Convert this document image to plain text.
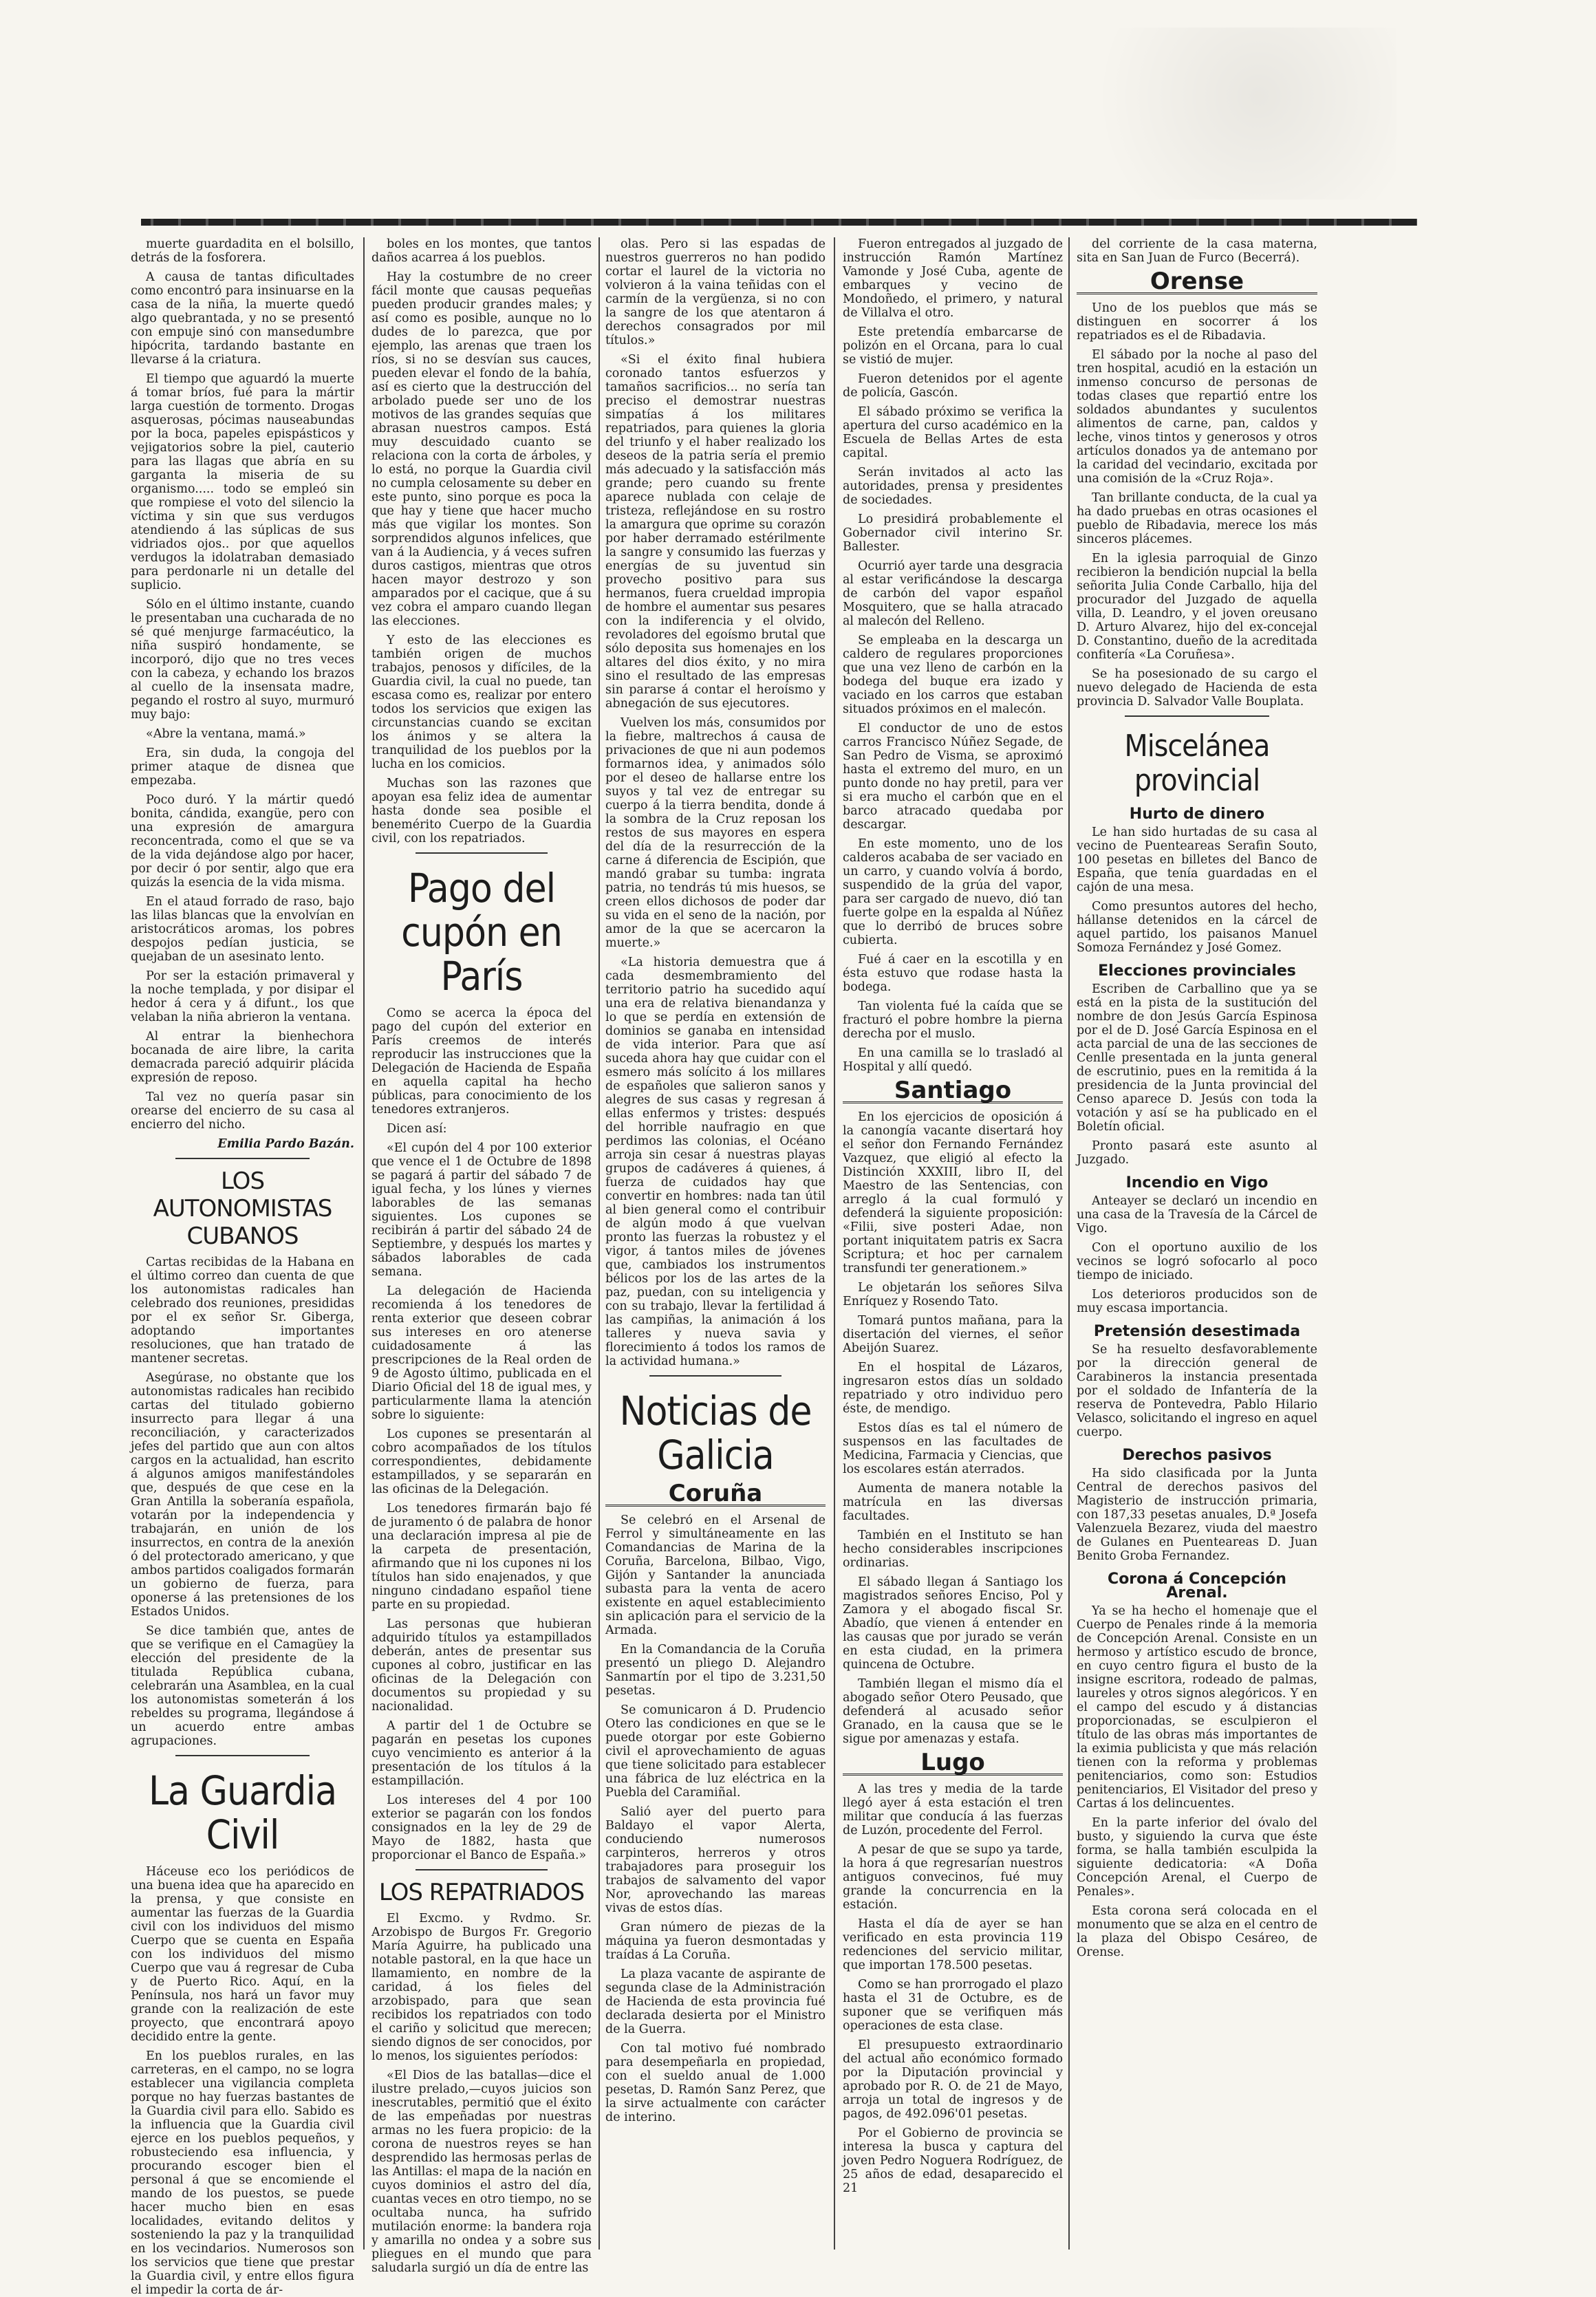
muerte guardadita en el bolsillo, detrás de la fosforera.

A causa de tantas dificultades como encontró para insinuarse en la casa de la niña, la muerte quedó algo quebrantada, y no se presentó con empuje sinó con mansedumbre hipócrita, tardando bastante en llevarse á la criatura.

El tiempo que aguardó la muerte á tomar bríos, fué para la mártir larga cuestión de tormento. Drogas asquerosas, pócimas nauseabundas por la boca, papeles epispásticos y vejigatorios sobre la piel, cauterio para las llagas que abría en su garganta la miseria de su organismo..... todo se empleó sin que rompiese el voto del silencio la víctima y sin que sus verdugos atendiendo á las súplicas de sus vidriados ojos.. por que aquellos verdugos la idolatraban demasiado para perdonarle ni un detalle del suplicio.

Sólo en el último instante, cuando le presentaban una cucharada de no sé qué menjurge farmacéutico, la niña suspiró hondamente, se incorporó, dijo que no tres veces con la cabeza, y echando los brazos al cuello de la insensata madre, pegando el rostro al suyo, murmuró muy bajo:

«Abre la ventana, mamá.»

Era, sin duda, la congoja del primer ataque de disnea que empezaba.

Poco duró. Y la mártir quedó bonita, cándida, exangüe, pero con una expresión de amargura reconcentrada, como el que se va de la vida dejándose algo por hacer, por decir ó por sentir, algo que era quizás la esencia de la vida misma.

En el ataud forrado de raso, bajo las lilas blancas que la envolvían en aristocráticos aromas, los pobres despojos pedían justicia, se quejaban de un asesinato lento.

Por ser la estación primaveral y la noche templada, y por disipar el hedor á cera y á difunt., los que velaban la niña abrieron la ventana.

Al entrar la bienhechora bocanada de aire libre, la carita demacrada pareció adquirir plácida expresión de reposo.

Tal vez no quería pasar sin orearse del encierro de su casa al encierro del nicho.

Emilia Pardo Bazán.
LOS AUTONOMISTAS CUBANOS

Cartas recibidas de la Habana en el último correo dan cuenta de que los autonomistas radicales han celebrado dos reuniones, presididas por el ex señor Sr. Giberga, adoptando importantes resoluciones, que han tratado de mantener secretas.

Asegúrase, no obstante que los autonomistas radicales han recibido cartas del titulado gobierno insurrecto para llegar á una reconciliación, y caracterizados jefes del partido que aun con altos cargos en la actualidad, han escrito á algunos amigos manifestándoles que, después de que cese en la Gran Antilla la soberanía española, votarán por la independencia y trabajarán, en unión de los insurrectos, en contra de la anexión ó del protectorado americano, y que ambos partidos coaligados formarán un gobierno de fuerza, para oponerse á las pretensiones de los Estados Unidos.

Se dice también que, antes de que se verifique en el Camagüey la elección del presidente de la titulada República cubana, celebrarán una Asamblea, en la cual los autonomistas someterán á los rebeldes su programa, llegándose á un acuerdo entre ambas agrupaciones.

La Guardia Civil

Háceuse eco los periódicos de una buena idea que ha aparecido en la prensa, y que consiste en aumentar las fuerzas de la Guardia civil con los individuos del mismo Cuerpo que se cuenta en España con los individuos del mismo Cuerpo que vau á regresar de Cuba y de Puerto Rico. Aquí, en la Península, nos hará un favor muy grande con la realización de este proyecto, que encontrará apoyo decidido entre la gente.

En los pueblos rurales, en las carreteras, en el campo, no se logra establecer una vigilancia completa porque no hay fuerzas bastantes de la Guardia civil para ello. Sabido es la influencia que la Guardia civil ejerce en los pueblos pequeños, y robusteciendo esa influencia, y procurando escoger bien el personal á que se encomiende el mando de los puestos, se puede hacer mucho bien en esas localidades, evitando delitos y sosteniendo la paz y la tranquilidad en los vecindarios. Numerosos son los servicios que tiene que prestar la Guardia civil, y entre ellos figura el impedir la corta de ár-

boles en los montes, que tantos daños acarrea á los pueblos.

Hay la costumbre de no creer fácil monte que causas pequeñas pueden producir grandes males; y así como es posible, aunque no lo dudes de lo parezca, que por ejemplo, las arenas que traen los ríos, si no se desvían sus cauces, pueden elevar el fondo de la bahía, así es cierto que la destrucción del arbolado puede ser uno de los motivos de las grandes sequías que abrasan nuestros campos. Está muy descuidado cuanto se relaciona con la corta de árboles, y lo está, no porque la Guardia civil no cumpla celosamente su deber en este punto, sino porque es poca la que hay y tiene que hacer mucho más que vigilar los montes. Son sorprendidos algunos infelices, que van á la Audiencia, y á veces sufren duros castigos, mientras que otros hacen mayor destrozo y son amparados por el cacique, que á su vez cobra el amparo cuando llegan las elecciones.

Y esto de las elecciones es también origen de muchos trabajos, penosos y difíciles, de la Guardia civil, la cual no puede, tan escasa como es, realizar por entero todos los servicios que exigen las circunstancias cuando se excitan los ánimos y se altera la tranquilidad de los pueblos por la lucha en los comicios.

Muchas son las razones que apoyan esa feliz idea de aumentar hasta donde sea posible el benemérito Cuerpo de la Guardia civil, con los repatriados.

Pago del cupón en París

Como se acerca la época del pago del cupón del exterior en París creemos de interés reproducir las instrucciones que la Delegación de Hacienda de España en aquella capital ha hecho públicas, para conocimiento de los tenedores extranjeros.

Dicen así:

«El cupón del 4 por 100 exterior que vence el 1 de Octubre de 1898 se pagará á partir del sábado 7 de igual fecha, y los lúnes y viernes laborables de las semanas siguientes. Los cupones se recibirán á partir del sábado 24 de Septiembre, y después los martes y sábados laborables de cada semana.

La delegación de Hacienda recomienda á los tenedores de renta exterior que deseen cobrar sus intereses en oro atenerse cuidadosamente á las prescripciones de la Real orden de 9 de Agosto último, publicada en el Diario Oficial del 18 de igual mes, y particularmente llama la atención sobre lo siguiente:

Los cupones se presentarán al cobro acompañados de los títulos correspondientes, debidamente estampillados, y se separarán en las oficinas de la Delegación.

Los tenedores firmarán bajo fé de juramento ó de palabra de honor una declaración impresa al pie de la carpeta de presentación, afirmando que ni los cupones ni los títulos han sido enajenados, y que ninguno cindadano español tiene parte en su propiedad.

Las personas que hubieran adquirido títulos ya estampillados deberán, antes de presentar sus cupones al cobro, justificar en las oficinas de la Delegación con documentos su propiedad y su nacionalidad.

A partir del 1 de Octubre se pagarán en pesetas los cupones cuyo vencimiento es anterior á la presentación de los títulos á la estampillación.

Los intereses del 4 por 100 exterior se pagarán con los fondos consignados en la ley de 29 de Mayo de 1882, hasta que proporcionar el Banco de España.»

LOS REPATRIADOS

El Excmo. y Rvdmo. Sr. Arzobispo de Burgos Fr. Gregorio María Aguirre, ha publicado una notable pastoral, en la que hace un llamamiento, en nombre de la caridad, á los fieles del arzobispado, para que sean recibidos los repatriados con todo el cariño y solicitud que merecen; siendo dignos de ser conocidos, por lo menos, los siguientes períodos:

«El Dios de las batallas—dice el ilustre prelado,—cuyos juicios son inescrutables, permitió que el éxito de las empeñadas por nuestras armas no les fuera propicio: de la corona de nuestros reyes se han desprendido las hermosas perlas de las Antillas: el mapa de la nación en cuyos dominios el astro del día, cuantas veces en otro tiempo, no se ocultaba nunca, ha sufrido mutilación enorme: la bandera roja y amarilla no ondea y a sobre sus pliegues en el mundo que para saludarla surgió un día de entre las

olas. Pero si las espadas de nuestros guerreros no han podido cortar el laurel de la victoria no volvieron á la vaina teñidas con el carmín de la vergüenza, si no con la sangre de los que atentaron á derechos consagrados por mil títulos.»

«Si el éxito final hubiera coronado tantos esfuerzos y tamaños sacrificios... no sería tan preciso el demostrar nuestras simpatías á los militares repatriados, para quienes la gloria del triunfo y el haber realizado los deseos de la patria sería el premio más adecuado y la satisfacción más grande; pero cuando su frente aparece nublada con celaje de tristeza, reflejándose en su rostro la amargura que oprime su corazón por haber derramado estérilmente la sangre y consumido las fuerzas y energías de su juventud sin provecho positivo para sus hermanos, fuera crueldad impropia de hombre el aumentar sus pesares con la indiferencia y el olvido, revoladores del egoísmo brutal que sólo deposita sus homenajes en los altares del dios éxito, y no mira sino el resultado de las empresas sin pararse á contar el heroísmo y abnegación de sus ejecutores.

Vuelven los más, consumidos por la fiebre, maltrechos á causa de privaciones de que ni aun podemos formarnos idea, y animados sólo por el deseo de hallarse entre los suyos y tal vez de entregar su cuerpo á la tierra bendita, donde á la sombra de la Cruz reposan los restos de sus mayores en espera del día de la resurrección de la carne á diferencia de Escipión, que mandó grabar su tumba: ingrata patria, no tendrás tú mis huesos, se creen ellos dichosos de poder dar su vida en el seno de la nación, por amor de la que se acercaron la muerte.»

«La historia demuestra que á cada desmembramiento del territorio patrio ha sucedido aquí una era de relativa bienandanza y lo que se perdía en extensión de dominios se ganaba en intensidad de vida interior. Para que así suceda ahora hay que cuidar con el esmero más solícito á los millares de españoles que salieron sanos y alegres de sus casas y regresan á ellas enfermos y tristes: después del horrible naufragio en que perdimos las colonias, el Océano arroja sin cesar á nuestras playas grupos de cadáveres á quienes, á fuerza de cuidados hay que convertir en hombres: nada tan útil al bien general como el contribuir de algún modo á que vuelvan pronto las fuerzas la robustez y el vigor, á tantos miles de jóvenes que, cambiados los instrumentos bélicos por los de las artes de la paz, puedan, con su inteligencia y con su trabajo, llevar la fertilidad á las campiñas, la animación á los talleres y nueva savia y florecimiento á todos los ramos de la actividad humana.»

Noticias de Galicia
Coruña

Se celebró en el Arsenal de Ferrol y simultáneamente en las Comandancias de Marina de la Coruña, Barcelona, Bilbao, Vigo, Gijón y Santander la anunciada subasta para la venta de acero existente en aquel establecimiento sin aplicación para el servicio de la Armada.

En la Comandancia de la Coruña presentó un pliego D. Alejandro Sanmartín por el tipo de 3.231,50 pesetas.

Se comunicaron á D. Prudencio Otero las condiciones en que se le puede otorgar por este Gobierno civil el aprovechamiento de aguas que tiene solicitado para establecer una fábrica de luz eléctrica en la Puebla del Caramiñal.

Salió ayer del puerto para Baldayo el vapor Alerta, conduciendo numerosos carpinteros, herreros y otros trabajadores para proseguir los trabajos de salvamento del vapor Nor, aprovechando las mareas vivas de estos días.

Gran número de piezas de la máquina ya fueron desmontadas y traídas á La Coruña.

La plaza vacante de aspirante de segunda clase de la Administración de Hacienda de esta provincia fué declarada desierta por el Ministro de la Guerra.

Con tal motivo fué nombrado para desempeñarla en propiedad, con el sueldo anual de 1.000 pesetas, D. Ramón Sanz Perez, que la sirve actualmente con carácter de interino.

Fueron entregados al juzgado de instrucción Ramón Martínez Vamonde y José Cuba, agente de embarques y vecino de Mondoñedo, el primero, y natural de Villalva el otro.

Este pretendía embarcarse de polizón en el Orcana, para lo cual se vistió de mujer.

Fueron detenidos por el agente de policía, Gascón.

El sábado próximo se verifica la apertura del curso académico en la Escuela de Bellas Artes de esta capital.

Serán invitados al acto las autoridades, prensa y presidentes de sociedades.

Lo presidirá probablemente el Gobernador civil interino Sr. Ballester.

Ocurrió ayer tarde una desgracia al estar verificándose la descarga de carbón del vapor español Mosquitero, que se halla atracado al malecón del Relleno.

Se empleaba en la descarga un caldero de regulares proporciones que una vez lleno de carbón en la bodega del buque era izado y vaciado en los carros que estaban situados próximos en el malecón.

El conductor de uno de estos carros Francisco Núñez Segade, de San Pedro de Visma, se aproximó hasta el extremo del muro, en un punto donde no hay pretil, para ver si era mucho el carbón que en el barco atracado quedaba por descargar.

En este momento, uno de los calderos acababa de ser vaciado en un carro, y cuando volvía á bordo, suspendido de la grúa del vapor, para ser cargado de nuevo, dió tan fuerte golpe en la espalda al Núñez que lo derribó de bruces sobre cubierta.

Fué á caer en la escotilla y en ésta estuvo que rodase hasta la bodega.

Tan violenta fué la caída que se fracturó el pobre hombre la pierna derecha por el muslo.

En una camilla se lo trasladó al Hospital y allí quedó.

Santiago

En los ejercicios de oposición á la canongía vacante disertará hoy el señor don Fernando Fernández Vazquez, que eligió al efecto la Distinción XXXIII, libro II, del Maestro de las Sentencias, con arreglo á la cual formuló y defenderá la siguiente proposición: «Filii, sive posteri Adae, non portant iniquitatem patris ex Sacra Scriptura; et hoc per carnalem transfundi ter generationem.»

Le objetarán los señores Silva Enríquez y Rosendo Tato.

Tomará puntos mañana, para la disertación del viernes, el señor Abeijón Suarez.

En el hospital de Lázaros, ingresaron estos días un soldado repatriado y otro individuo pero éste, de mendigo.

Estos días es tal el número de suspensos en las facultades de Medicina, Farmacia y Ciencias, que los escolares están aterrados.

Aumenta de manera notable la matrícula en las diversas facultades.

También en el Instituto se han hecho considerables inscripciones ordinarias.

El sábado llegan á Santiago los magistrados señores Enciso, Pol y Zamora y el abogado fiscal Sr. Abadío, que vienen á entender en las causas que por jurado se verán en esta ciudad, en la primera quincena de Octubre.

También llegan el mismo día el abogado señor Otero Peusado, que defenderá al acusado señor Granado, en la causa que se le sigue por amenazas y estafa.

Lugo

A las tres y media de la tarde llegó ayer á esta estación el tren militar que conducía á las fuerzas de Luzón, procedente del Ferrol.

A pesar de que se supo ya tarde, la hora á que regresarían nuestros antiguos convecinos, fué muy grande la concurrencia en la estación.

Hasta el día de ayer se han verificado en esta provincia 119 redenciones del servicio militar, que importan 178.500 pesetas.

Como se han prorrogado el plazo hasta el 31 de Octubre, es de suponer que se verifiquen más operaciones de esta clase.

El presupuesto extraordinario del actual año económico formado por la Diputación provincial y aprobado por R. O. de 21 de Mayo, arroja un total de ingresos y de pagos, de 492.096'01 pesetas.

Por el Gobierno de provincia se interesa la busca y captura del joven Pedro Noguera Rodríguez, de 25 años de edad, desaparecido el 21

del corriente de la casa materna, sita en San Juan de Furco (Becerrá).

Orense

Uno de los pueblos que más se distinguen en socorrer á los repatriados es el de Ribadavia.

El sábado por la noche al paso del tren hospital, acudió en la estación un inmenso concurso de personas de todas clases que repartió entre los soldados abundantes y suculentos alimentos de carne, pan, caldos y leche, vinos tintos y generosos y otros artículos donados ya de antemano por la caridad del vecindario, excitada por una comisión de la «Cruz Roja».

Tan brillante conducta, de la cual ya ha dado pruebas en otras ocasiones el pueblo de Ribadavia, merece los más sinceros plácemes.

En la iglesia parroquial de Ginzo recibieron la bendición nupcial la bella señorita Julia Conde Carballo, hija del procurador del Juzgado de aquella villa, D. Leandro, y el joven oreusano D. Arturo Alvarez, hijo del ex-concejal D. Constantino, dueño de la acreditada confitería «La Coruñesa».

Se ha posesionado de su cargo el nuevo delegado de Hacienda de esta provincia D. Salvador Valle Bouplata.

Miscelánea provincial
Hurto de dinero

Le han sido hurtadas de su casa al vecino de Puenteareas Serafin Souto, 100 pesetas en billetes del Banco de España, que tenía guardadas en el cajón de una mesa.

Como presuntos autores del hecho, hállanse detenidos en la cárcel de aquel partido, los paisanos Manuel Somoza Fernández y José Gomez.

Elecciones provinciales

Escriben de Carballino que ya se está en la pista de la sustitución del nombre de don Jesús García Espinosa por el de D. José García Espinosa en el acta parcial de una de las secciones de Cenlle presentada en la junta general de escrutinio, pues en la remitida á la presidencia de la Junta provincial del Censo aparece D. Jesús con toda la votación y así se ha publicado en el Boletín oficial.

Pronto pasará este asunto al Juzgado.

Incendio en Vigo

Anteayer se declaró un incendio en una casa de la Travesía de la Cárcel de Vigo.

Con el oportuno auxilio de los vecinos se logró sofocarlo al poco tiempo de iniciado.

Los deterioros producidos son de muy escasa importancia.

Pretensión desestimada

Se ha resuelto desfavorablemente por la dirección general de Carabineros la instancia presentada por el soldado de Infantería de la reserva de Pontevedra, Pablo Hilario Velasco, solicitando el ingreso en aquel cuerpo.

Derechos pasivos

Ha sido clasificada por la Junta Central de derechos pasivos del Magisterio de instrucción primaria, con 187,33 pesetas anuales, D.ª Josefa Valenzuela Bezarez, viuda del maestro de Gulanes en Puenteareas D. Juan Benito Groba Fernandez.

Corona á Concepción Arenal.

Ya se ha hecho el homenaje que el Cuerpo de Penales rinde á la memoria de Concepción Arenal. Consiste en un hermoso y artístico escudo de bronce, en cuyo centro figura el busto de la insigne escritora, rodeado de palmas, laureles y otros signos alegóricos. Y en el campo del escudo y á distancias proporcionadas, se esculpieron el título de las obras más importantes de la eximia publicista y que más relación tienen con la reforma y problemas penitenciarios, como son: Estudios penitenciarios, El Visitador del preso y Cartas á los delincuentes.

En la parte inferior del óvalo del busto, y siguiendo la curva que éste forma, se halla también esculpida la siguiente dedicatoria: «A Doña Concepción Arenal, el Cuerpo de Penales».

Esta corona será colocada en el monumento que se alza en el centro de la plaza del Obispo Cesáreo, de Orense.
